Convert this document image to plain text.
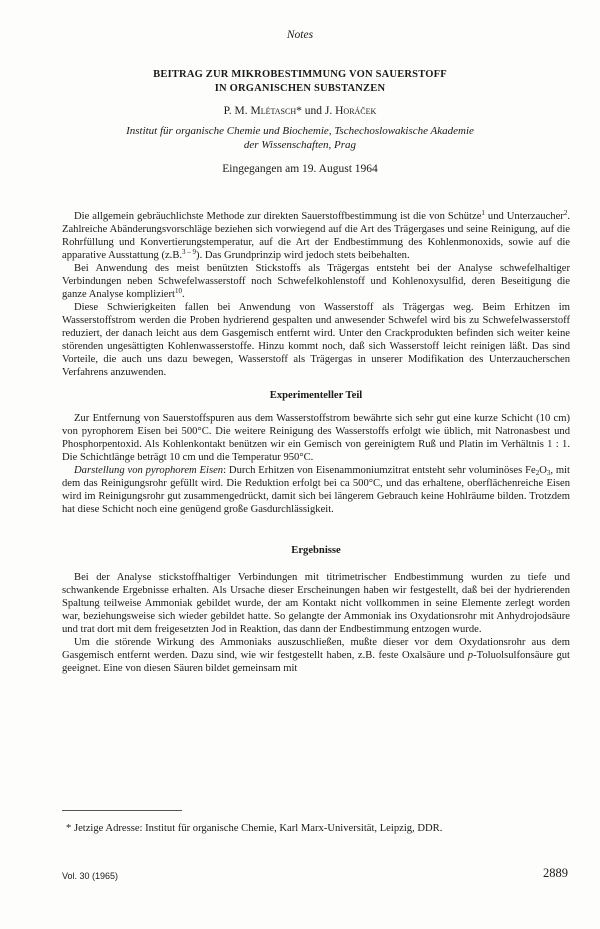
Notes
BEITRAG ZUR MIKROBESTIMMUNG VON SAUERSTOFF
IN ORGANISCHEN SUBSTANZEN
P. M. Mlétasch* und J. Horáček
Institut für organische Chemie und Biochemie, Tschechoslowakische Akademie
der Wissenschaften, Prag
Eingegangen am 19. August 1964

Die allgemein gebräuchlichste Methode zur direkten Sauerstoffbestimmung ist die von Schütze$^1$ und Unterzaucher$^2$. Zahlreiche Abänderungsvorschläge beziehen sich vorwiegend auf die Art des Trägergases und seine Reinigung, auf die Rohrfüllung und Konvertierungstemperatur, auf die Art der Endbestimmung des Kohlenmonoxids, sowie auf die apparative Ausstattung (z.B.$^{3 - 9}$). Das Grundprinzip wird jedoch stets beibehalten.

Bei Anwendung des meist benützten Stickstoffs als Trägergas entsteht bei der Analyse schwefelhaltiger Verbindungen neben Schwefelwasserstoff noch Schwefelkohlenstoff und Kohlenoxysulfid, deren Beseitigung die ganze Analyse kompliziert$^{10}$.

Diese Schwierigkeiten fallen bei Anwendung von Wasserstoff als Trägergas weg. Beim Erhitzen im Wasserstoffstrom werden die Proben hydrierend gespalten und anwesender Schwefel wird bis zu Schwefelwasserstoff reduziert, der danach leicht aus dem Gasgemisch entfernt wird. Unter den Crackprodukten befinden sich weiter keine störenden ungesättigten Kohlenwasserstoffe. Hinzu kommt noch, daß sich Wasserstoff leicht reinigen läßt. Das sind Vorteile, die auch uns dazu bewegen, Wasserstoff als Trägergas in unserer Modifikation des Unterzaucherschen Verfahrens anzuwenden.

Experimenteller Teil

Zur Entfernung von Sauerstoffspuren aus dem Wasserstoffstrom bewährte sich sehr gut eine kurze Schicht (10 cm) von pyrophorem Eisen bei 500°C. Die weitere Reinigung des Wasserstoffs erfolgt wie üblich, mit Natronasbest und Phosphorpentoxid. Als Kohlenkontakt benützen wir ein Gemisch von gereinigtem Ruß und Platin im Verhältnis 1 : 1. Die Schichtlänge beträgt 10 cm und die Temperatur 950°C.

Darstellung von pyrophorem Eisen: Durch Erhitzen von Eisenammoniumzitrat entsteht sehr voluminöses $Fe_2O_3$, mit dem das Reinigungsrohr gefüllt wird. Die Reduktion erfolgt bei ca 500°C, und das erhaltene, oberflächenreiche Eisen wird im Reinigungsrohr gut zusammengedrückt, damit sich bei längerem Gebrauch keine Hohlräume bilden. Trotzdem hat diese Schicht noch eine genügend große Gasdurchlässigkeit.

Ergebnisse

Bei der Analyse stickstoffhaltiger Verbindungen mit titrimetrischer Endbestimmung wurden zu tiefe und schwankende Ergebnisse erhalten. Als Ursache dieser Erscheinungen haben wir festgestellt, daß bei der hydrierenden Spaltung teilweise Ammoniak gebildet wurde, der am Kontakt nicht vollkommen in seine Elemente zerlegt worden war, beziehungsweise sich wieder gebildet hatte. So gelangte der Ammoniak ins Oxydationsrohr mit Anhydrojodsäure und trat dort mit dem freigesetzten Jod in Reaktion, das dann der Endbestimmung entzogen wurde.

Um die störende Wirkung des Ammoniaks auszuschließen, mußte dieser vor dem Oxydationsrohr aus dem Gasgemisch entfernt werden. Dazu sind, wie wir festgestellt haben, z.B. feste Oxalsäure und p-Toluolsulfonsäure gut geeignet. Eine von diesen Säuren bildet gemeinsam mit

* Jetzige Adresse: Institut für organische Chemie, Karl Marx-Universität, Leipzig, DDR.
Vol. 30 (1965)	2889
